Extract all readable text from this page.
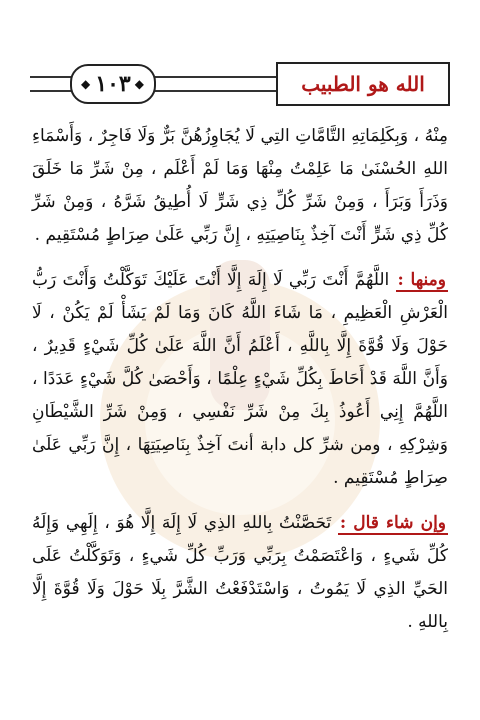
◆ ١٠٣ ◆	الله هو الطبيب

مِنْهُ ، وَبِكَلِمَاتِهِ التَّامَّاتِ التِي لَا يُجَاوِزُهُنَّ بَرٌّ وَلَا فَاجِرٌ ، وَأَسْمَاءِ اللهِ الحُسْنَىٰ مَا عَلِمْتُ مِنْهَا وَمَا لَمْ أَعْلَم ، مِنْ شَرِّ مَا خَلَقَ وَذَرَأَ وَبَرَأَ ، وَمِنْ شَرِّ كُلِّ ذِي شَرٍّ لَا أُطِيقُ شَرَّهُ ، وَمِنْ شَرِّ كُلِّ ذِي شَرٍّ أَنْتَ آخِذٌ بِنَاصِيَتِهِ ، إِنَّ رَبِّي عَلَىٰ صِرَاطٍ مُسْتَقِيم .

ومنها : اللَّهُمَّ أَنْتَ رَبِّي لَا إِلَهَ إِلَّا أَنْتَ عَلَيْكَ تَوَكَّلْتُ وَأَنْتَ رَبُّ الْعَرْشِ الْعَظِيمِ ، مَا شَاءَ اللَّهُ كَانَ وَمَا لَمْ يَشَأْ لَمْ يَكُنْ ، لَا حَوْلَ وَلَا قُوَّةَ إِلَّا بِاللَّهِ ، أَعْلَمُ أَنَّ اللَّهَ عَلَىٰ كُلِّ شَيْءٍ قَدِيرٌ ، وَأَنَّ اللَّهَ قَدْ أَحَاطَ بِكُلِّ شَيْءٍ عِلْمًا ، وَأَحْصَىٰ كُلَّ شَيْءٍ عَدَدًا ، اللَّهُمَّ إِنِي أَعُوذُ بِكَ مِنْ شَرِّ نَفْسِي ، وَمِنْ شَرِّ الشَّيْطَانِ وَشِرْكِهِ ، ومن شرِّ كل دابة أنتَ آخِذٌ بِنَاصِيَتِهَا ، إِنَّ رَبِّي عَلَىٰ صِرَاطٍ مُسْتَقِيم .

وإن شاء قال : تَحَصَّنْتُ بِاللهِ الذِي لَا إِلَهَ إِلَّا هُوَ ، إِلَهِي وَإِلَهُ كُلِّ شَيءٍ ، وَاعْتَصَمْتُ بِرَبِّي وَرَبِّ كُلِّ شَيءٍ ، وَتَوَكَّلْتُ عَلَى الحَيِّ الذِي لَا يَمُوتُ ، وَاسْتَدْفَعْتُ الشَّرَّ بِلَا حَوْلَ وَلَا قُوَّةَ إِلَّا بِاللهِ .
